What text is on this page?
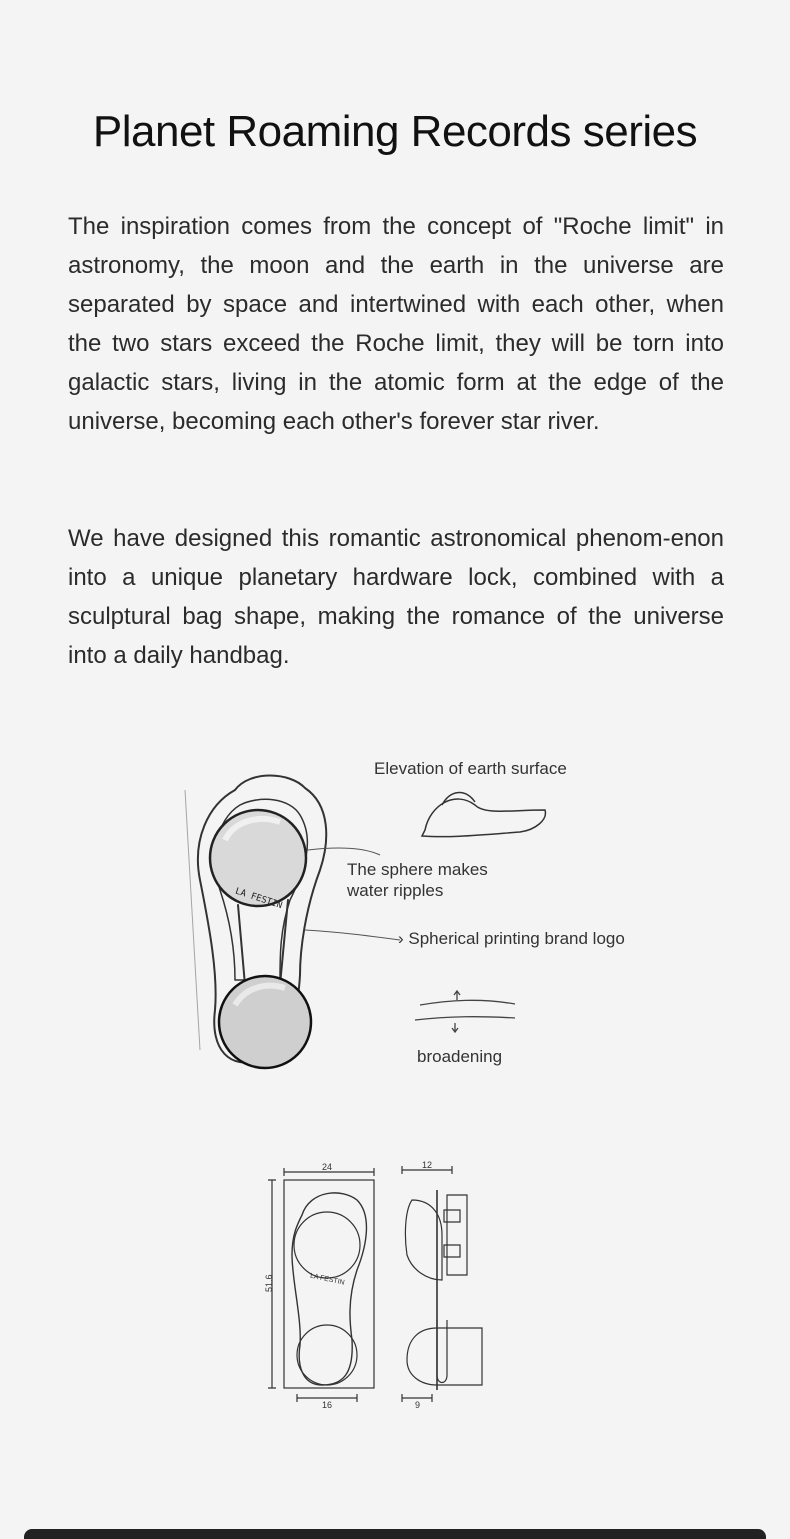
Planet Roaming Records series

The inspiration comes from the concept of "Roche limit" in astronomy, the moon and the earth in the universe are separated by space and intertwined with each other, when the two stars exceed the Roche limit, they will be torn into galactic stars, living in the atomic form at the edge of the universe, becoming each other's forever star river.

We have designed this romantic astronomical phenom-enon into a unique planetary hardware lock, combined with a sculptural bag shape, making the romance of the universe into a daily handbag.

LA FESTIN
Elevation of earth surface
The sphere makes
water ripples
› Spherical printing brand logo
broadening
24
51.6
16
12
9
LA FESTIN
